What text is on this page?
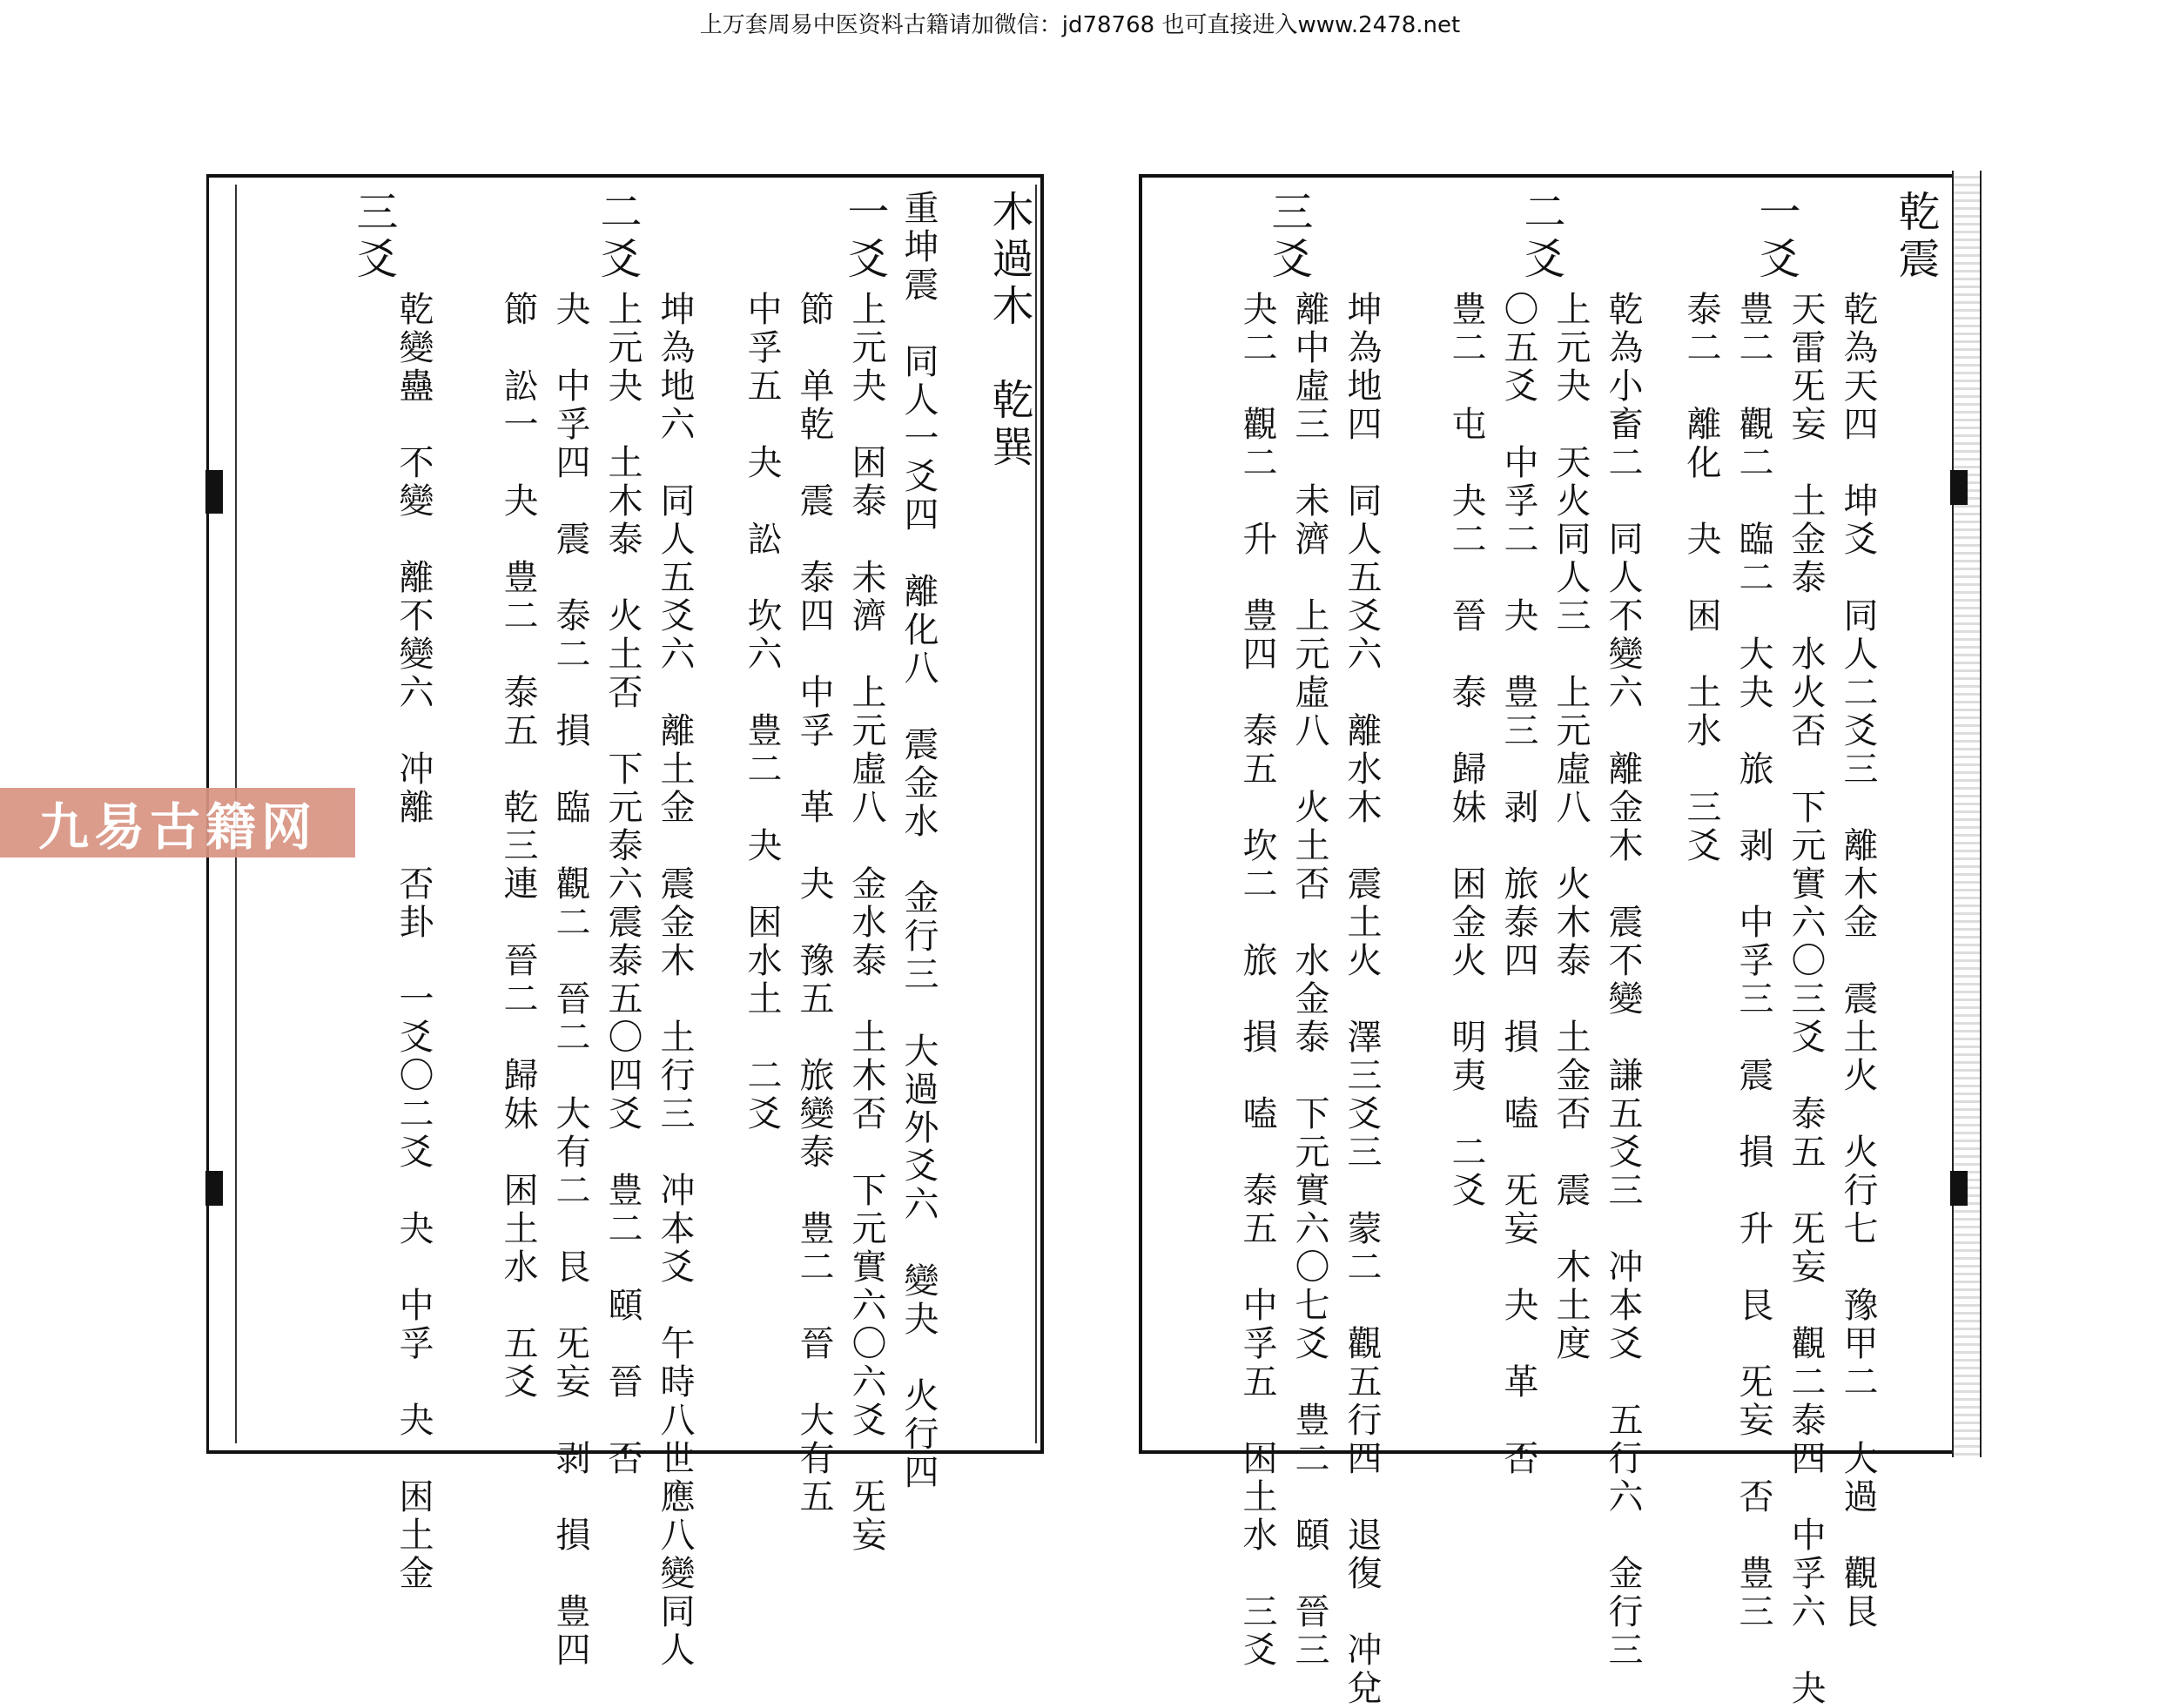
上万套周易中医资料古籍请加微信：jd78768 也可直接进入www.2478.net
木過木　乾巽
一爻 重坤震　同人一爻四　離化八　震金水　金行三　大過外爻六　變夬　火行四
上元夬　困泰　未濟　上元虛八　金水泰　土木否　下元實六〇六爻　旡妄
節　单乾　震　泰四　中孚　革　夬　豫五　旅變泰　豊二　晉　大有五
中孚五　夬　訟　坎六　豊二　夬　困水土　二爻
二爻
坤為地六　同人五爻六　離土金　震金木　土行三　冲本爻　午時八世應八變同人
上元夬　土木泰　火土否　下元泰六震泰五〇四爻　豊二　頤　晉　否
夬　中孚四　震　泰二　損　臨　觀二　晉二　大有二　艮　旡妄　剥　損　豊四
節　訟一　夬　豊二　泰五　乾三連　晉二　歸妹　困土水　五爻
三爻
乾變蠱　不變　離不變六　冲離　否卦　一爻〇二爻　夬　中孚　夬　困土金
乾震
一爻
乾為天四　坤爻　同人二爻三　離木金　震土火　火行七　豫甲二　大過　觀艮
天雷旡妄　土金泰　水火否　下元實六〇三爻　泰五　旡妄　觀二泰四　中孚六　夬
豊二　觀二　臨二　大夬　旅　剥　中孚三　震　損　升　艮　旡妄　否　豊三
泰二　離化　夬　困　土水　三爻
二爻
乾為小畜二　同人不變六　離金木　震不變　謙五爻三　冲本爻　五行六　金行三
上元夬　天火同人三　上元虛八　火木泰　土金否　震　木土度
〇五爻　中孚二　夬　豊三　剥　旅泰四　損　嗑　旡妄　夬　革　否
豊二　屯　夬二　晉　泰　歸妹　困金火　明夷　二爻
三爻
坤為地四　同人五爻六　離水木　震土火　澤三爻三　蒙二　觀五行四　退復　冲兌
離中虛三　未濟　上元虛八　火土否　水金泰　下元實六〇七爻　豊二　頤　晉三
夬二　觀二　升　豊四　泰五　坎二　旅　損　嗑　泰五　中孚五　困土水　三爻
九易古籍网
